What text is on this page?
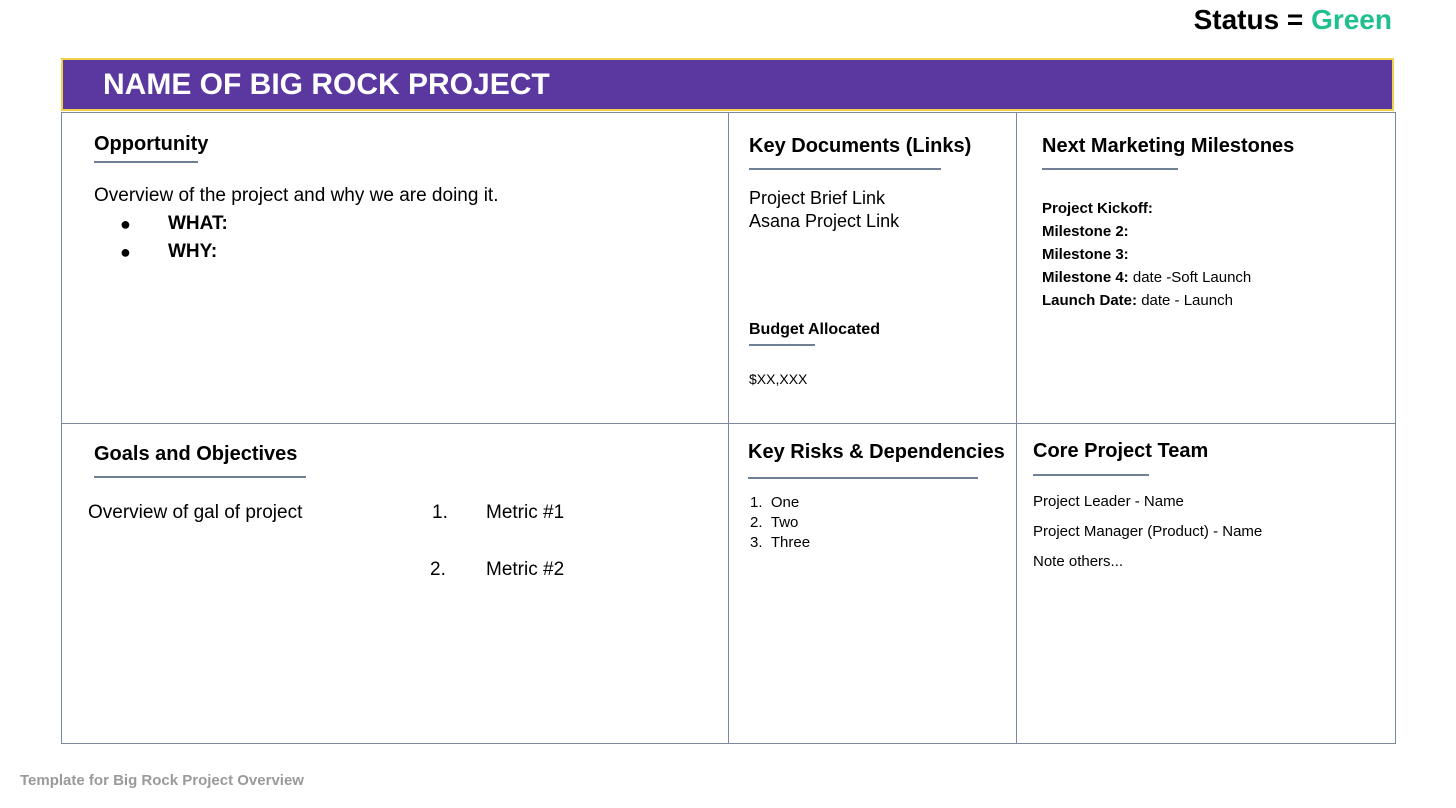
Status = Green
NAME OF BIG ROCK PROJECT
Opportunity
Overview of the project and why we are doing it.
● WHAT:
● WHY:
Key Documents (Links)
Project Brief Link
Asana Project Link
Budget Allocated
$XX,XXX
Next Marketing Milestones
Project Kickoff:
Milestone 2:
Milestone 3:
Milestone 4: date -Soft Launch
Launch Date: date - Launch
Goals and Objectives
Overview of gal of project	1. Metric #1
2. Metric #2
Key Risks & Dependencies
1. One
2. Two
3. Three
Core Project Team
Project Leader - Name
Project Manager (Product) - Name
Note others...
Template for Big Rock Project Overview
